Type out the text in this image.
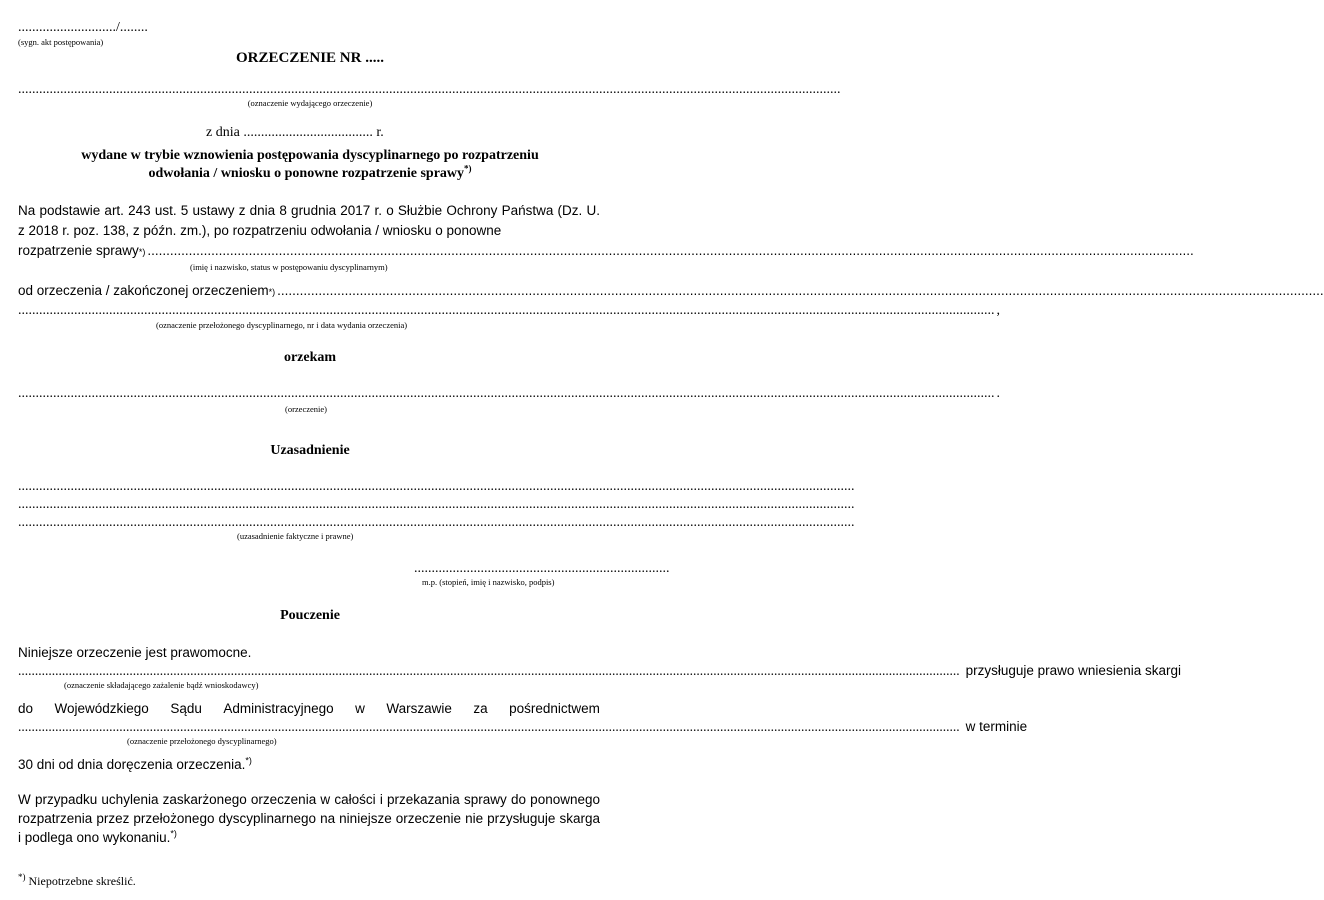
............................/........
(sygn. akt postępowania)
ORZECZENIE NR .....
...........................................................................................................................................................................................................................................
(oznaczenie wydającego orzeczenie)
z dnia ..................................... r.
wydane w trybie wznowienia postępowania dyscyplinarnego po rozpatrzeniu
odwołania / wniosku o ponowne rozpatrzenie sprawy*)
Na podstawie art. 243 ust. 5 ustawy z dnia 8 grudnia 2017 r. o Służbie Ochrony Państwa (Dz. U. z 2018 r. poz. 138, z późn. zm.), po rozpatrzeniu odwołania / wniosku o ponowne
rozpatrzenie sprawy *)
.....
(imię i nazwisko, status w postępowaniu dyscyplinarnym)
od orzeczenia / zakończonej orzeczeniem *)
.....
.....
,
(oznaczenie przełożonego dyscyplinarnego, nr i data wydania orzeczenia)
orzekam
.....
.
(orzeczenie)
Uzasadnienie
...............................................................................................................................................................................................................................................
...............................................................................................................................................................................................................................................
...............................................................................................................................................................................................................................................
(uzasadnienie faktyczne i prawne)
.........................................................................
m.p. (stopień, imię i nazwisko, podpis)
Pouczenie
Niniejsze orzeczenie jest prawomocne.
.....
przysługuje prawo wniesienia skargi
(oznaczenie składającego zażalenie bądź wnioskodawcy)
do Wojewódzkiego Sądu Administracyjnego w Warszawie za pośrednictwem
.....
w terminie
(oznaczenie przełożonego dyscyplinarnego)
30 dni od dnia doręczenia orzeczenia.*)
W przypadku uchylenia zaskarżonego orzeczenia w całości i przekazania sprawy do ponownego rozpatrzenia przez przełożonego dyscyplinarnego na niniejsze orzeczenie nie przysługuje skarga i podlega ono wykonaniu.*)
*) Niepotrzebne skreślić.
